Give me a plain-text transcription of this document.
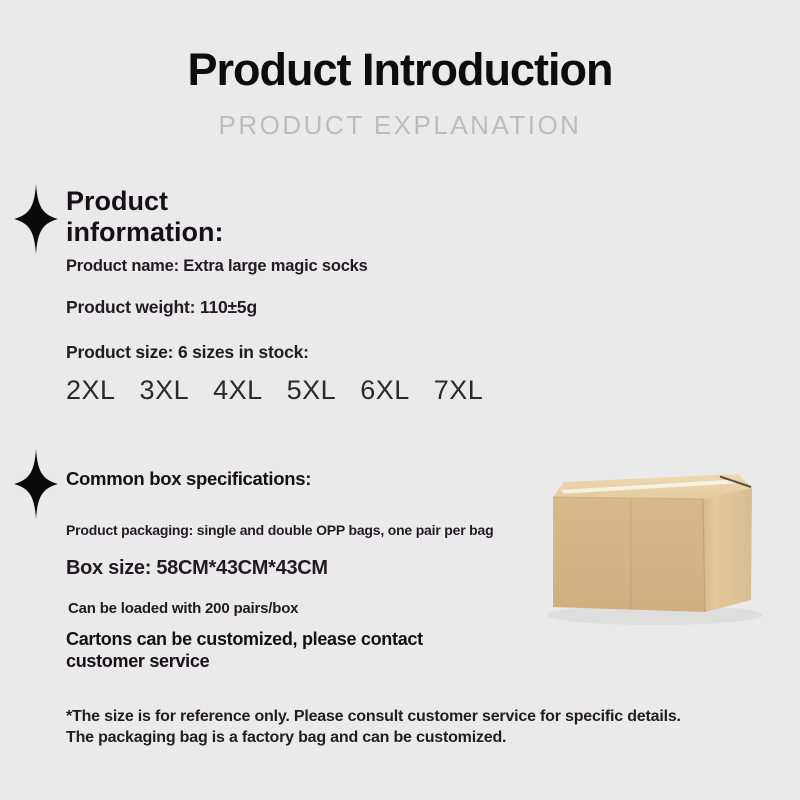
Product Introduction
PRODUCT EXPLANATION
Product information:
Product name: Extra large magic socks
Product weight: 110±5g
Product size: 6 sizes in stock:
2XL 3XL 4XL 5XL 6XL 7XL
Common box specifications:
Product packaging: single and double OPP bags, one pair per bag
Box size: 58CM*43CM*43CM
Can be loaded with 200 pairs/box
Cartons can be customized, please contact customer service
*The size is for reference only. Please consult customer service for specific details.
The packaging bag is a factory bag and can be customized.
